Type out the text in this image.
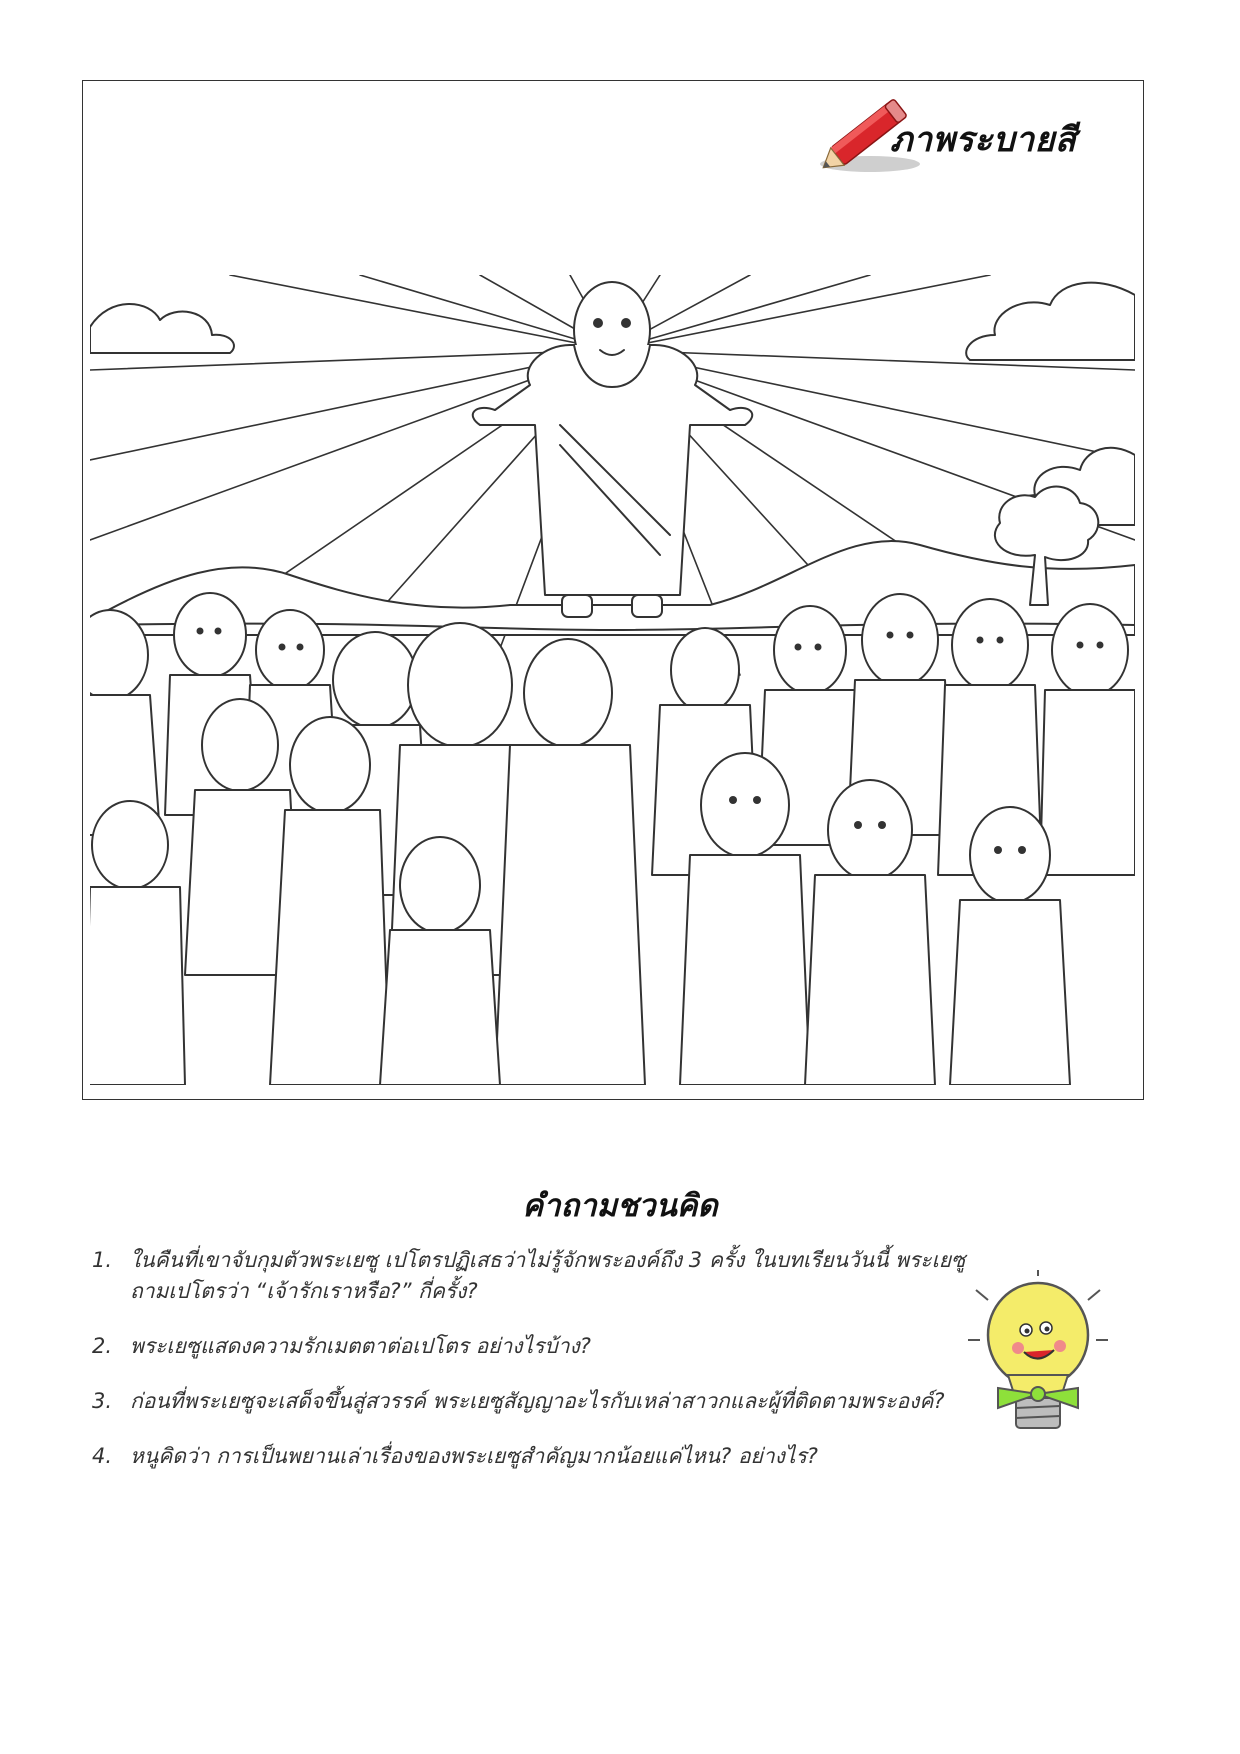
ภาพระบายสี
คำถามชวนคิด
1. ในคืนที่เขาจับกุมตัวพระเยซู เปโตรปฏิเสธว่าไม่รู้จักพระองค์ถึง 3 ครั้ง ในบทเรียนวันนี้ พระเยซูถามเปโตรว่า “เจ้ารักเราหรือ?” กี่ครั้ง?
2. พระเยซูแสดงความรักเมตตาต่อเปโตร อย่างไรบ้าง?
3. ก่อนที่พระเยซูจะเสด็จขึ้นสู่สวรรค์ พระเยซูสัญญาอะไรกับเหล่าสาวกและผู้ที่ติดตามพระองค์?
4. หนูคิดว่า การเป็นพยานเล่าเรื่องของพระเยซูสำคัญมากน้อยแค่ไหน? อย่างไร?
